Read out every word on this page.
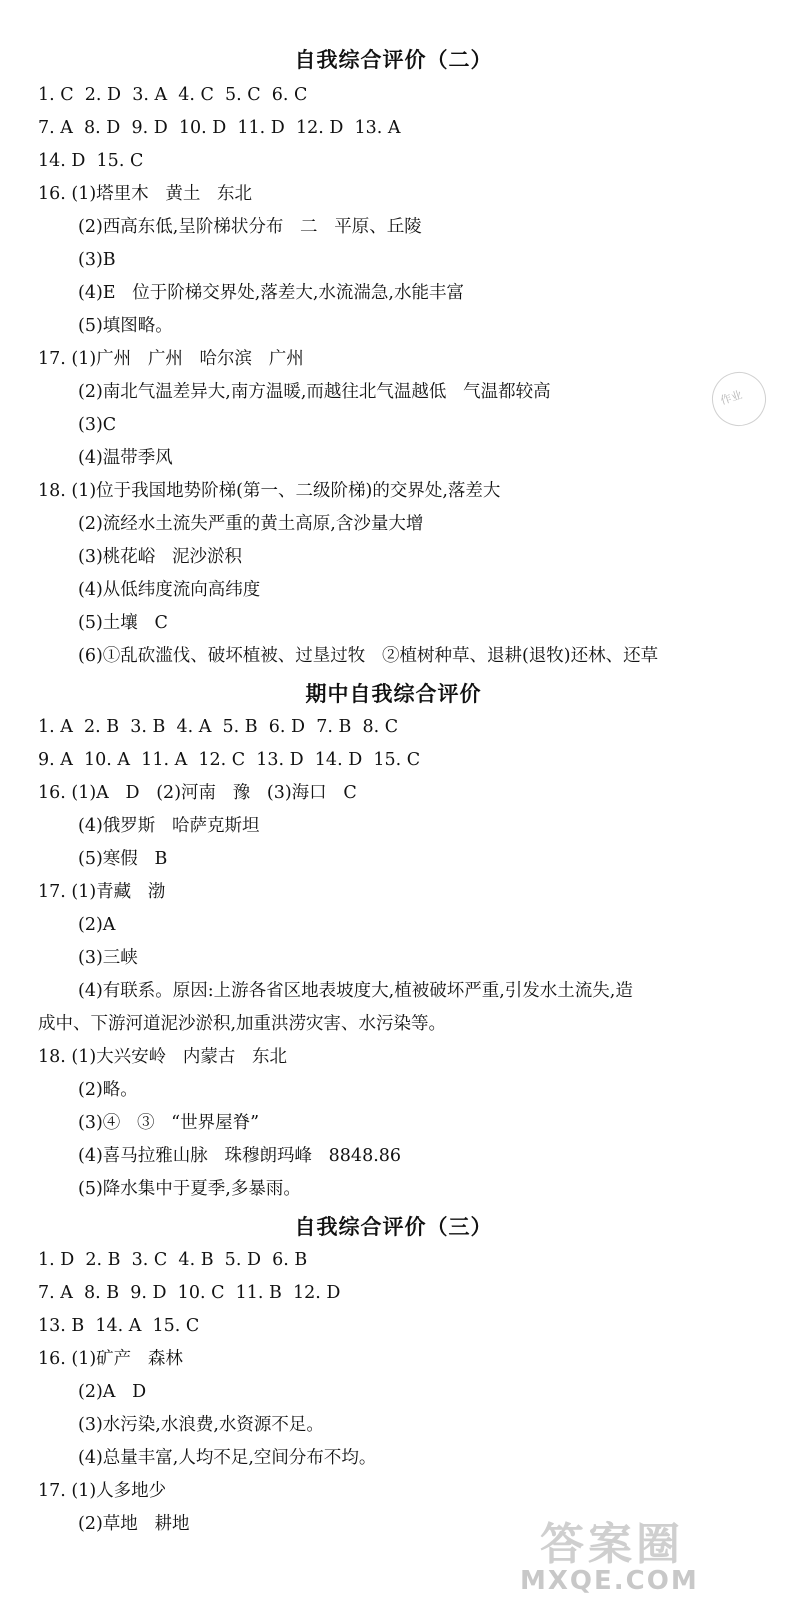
自我综合评价（二）
1. C  2. D  3. A  4. C  5. C  6. C
7. A  8. D  9. D  10. D  11. D  12. D  13. A
14. D  15. C
16. (1)塔里木   黄土   东北
(2)西高东低,呈阶梯状分布   二   平原、丘陵
(3)B
(4)E   位于阶梯交界处,落差大,水流湍急,水能丰富
(5)填图略。
17. (1)广州   广州   哈尔滨   广州
(2)南北气温差异大,南方温暖,而越往北气温越低   气温都较高
(3)C
(4)温带季风
18. (1)位于我国地势阶梯(第一、二级阶梯)的交界处,落差大
(2)流经水土流失严重的黄土高原,含沙量大增
(3)桃花峪   泥沙淤积
(4)从低纬度流向高纬度
(5)土壤   C
(6)①乱砍滥伐、破坏植被、过垦过牧   ②植树种草、退耕(退牧)还林、还草
期中自我综合评价
1. A  2. B  3. B  4. A  5. B  6. D  7. B  8. C
9. A  10. A  11. A  12. C  13. D  14. D  15. C
16. (1)A   D   (2)河南   豫   (3)海口   C
(4)俄罗斯   哈萨克斯坦
(5)寒假   B
17. (1)青藏   渤
(2)A
(3)三峡
(4)有联系。原因:上游各省区地表坡度大,植被破坏严重,引发水土流失,造
成中、下游河道泥沙淤积,加重洪涝灾害、水污染等。
18. (1)大兴安岭   内蒙古   东北
(2)略。
(3)④   ③   “世界屋脊”
(4)喜马拉雅山脉   珠穆朗玛峰   8848.86
(5)降水集中于夏季,多暴雨。
自我综合评价（三）
1. D  2. B  3. C  4. B  5. D  6. B
7. A  8. B  9. D  10. C  11. B  12. D
13. B  14. A  15. C
16. (1)矿产   森林
(2)A   D
(3)水污染,水浪费,水资源不足。
(4)总量丰富,人均不足,空间分布不均。
17. (1)人多地少
(2)草地   耕地
作业
答案圈
MXQE.COM
